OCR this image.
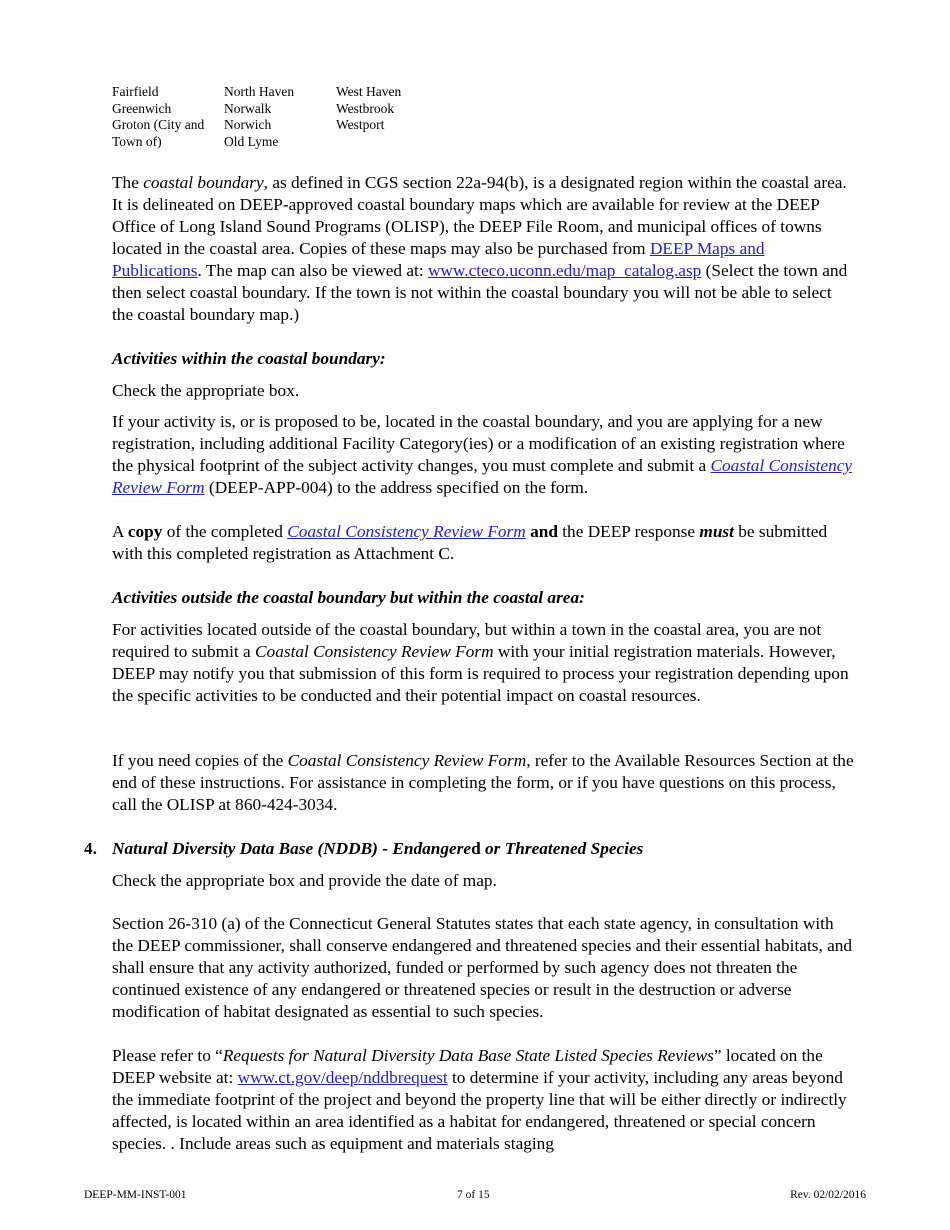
Fairfield
Greenwich
Groton (City and
Town of)
North Haven
Norwalk
Norwich
Old Lyme
West Haven
Westbrook
Westport

The coastal boundary, as defined in CGS section 22a-94(b), is a designated region within the coastal area. It is delineated on DEEP-approved coastal boundary maps which are available for review at the DEEP Office of Long Island Sound Programs (OLISP), the DEEP File Room, and municipal offices of towns located in the coastal area. Copies of these maps may also be purchased from DEEP Maps and Publications. The map can also be viewed at: www.cteco.uconn.edu/map_catalog.asp (Select the town and then select coastal boundary. If the town is not within the coastal boundary you will not be able to select the coastal boundary map.)

Activities within the coastal boundary:
Check the appropriate box.

If your activity is, or is proposed to be, located in the coastal boundary, and you are applying for a new registration, including additional Facility Category(ies) or a modification of an existing registration where the physical footprint of the subject activity changes, you must complete and submit a Coastal Consistency Review Form (DEEP-APP-004) to the address specified on the form.

A copy of the completed Coastal Consistency Review Form and the DEEP response must be submitted with this completed registration as Attachment C.

Activities outside the coastal boundary but within the coastal area:

For activities located outside of the coastal boundary, but within a town in the coastal area, you are not required to submit a Coastal Consistency Review Form with your initial registration materials. However, DEEP may notify you that submission of this form is required to process your registration depending upon the specific activities to be conducted and their potential impact on coastal resources.

If you need copies of the Coastal Consistency Review Form, refer to the Available Resources Section at the end of these instructions. For assistance in completing the form, or if you have questions on this process, call the OLISP at 860-424-3034.

4. Natural Diversity Data Base (NDDB) - Endangered or Threatened Species
Check the appropriate box and provide the date of map.
Section 26-310 (a) of the Connecticut General Statutes states that each state agency, in consultation with the DEEP commissioner, shall conserve endangered and threatened species and their essential habitats, and shall ensure that any activity authorized, funded or performed by such agency does not threaten the continued existence of any endangered or threatened species or result in the destruction or adverse modification of habitat designated as essential to such species.

Please refer to “Requests for Natural Diversity Data Base State Listed Species Reviews” located on the DEEP website at: www.ct.gov/deep/nddbrequest to determine if your activity, including any areas beyond the immediate footprint of the project and beyond the property line that will be either directly or indirectly affected, is located within an area identified as a habitat for endangered, threatened or special concern species. . Include areas such as equipment and materials staging

DEEP-MM-INST-001	7 of 15	Rev. 02/02/2016
